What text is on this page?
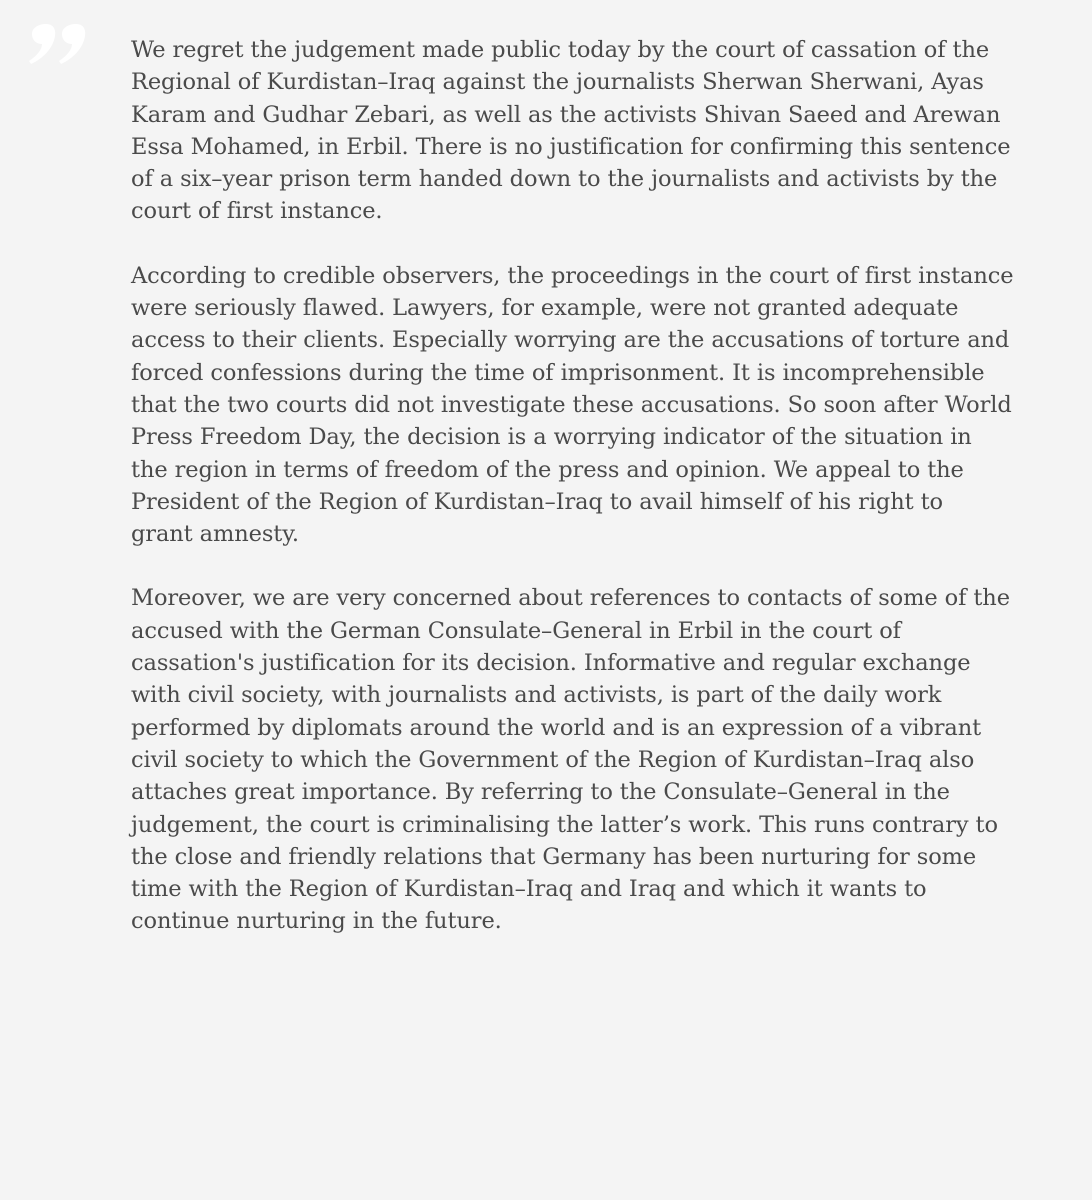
We regret the judgement made public today by the court of cassation of the
Regional of Kurdistan–Iraq against the journalists Sherwan Sherwani, Ayas
Karam and Gudhar Zebari, as well as the activists Shivan Saeed and Arewan
Essa Mohamed, in Erbil. There is no justification for confirming this sentence
of a six–year prison term handed down to the journalists and activists by the
court of first instance.

According to credible observers, the proceedings in the court of first instance
were seriously flawed. Lawyers, for example, were not granted adequate
access to their clients. Especially worrying are the accusations of torture and
forced confessions during the time of imprisonment. It is incomprehensible
that the two courts did not investigate these accusations. So soon after World
Press Freedom Day, the decision is a worrying indicator of the situation in
the region in terms of freedom of the press and opinion. We appeal to the
President of the Region of Kurdistan–Iraq to avail himself of his right to
grant amnesty.

Moreover, we are very concerned about references to contacts of some of the
accused with the German Consulate–General in Erbil in the court of
cassation's justification for its decision. Informative and regular exchange
with civil society, with journalists and activists, is part of the daily work
performed by diplomats around the world and is an expression of a vibrant
civil society to which the Government of the Region of Kurdistan–Iraq also
attaches great importance. By referring to the Consulate–General in the
judgement, the court is criminalising the latter’s work. This runs contrary to
the close and friendly relations that Germany has been nurturing for some
time with the Region of Kurdistan–Iraq and Iraq and which it wants to
continue nurturing in the future.
